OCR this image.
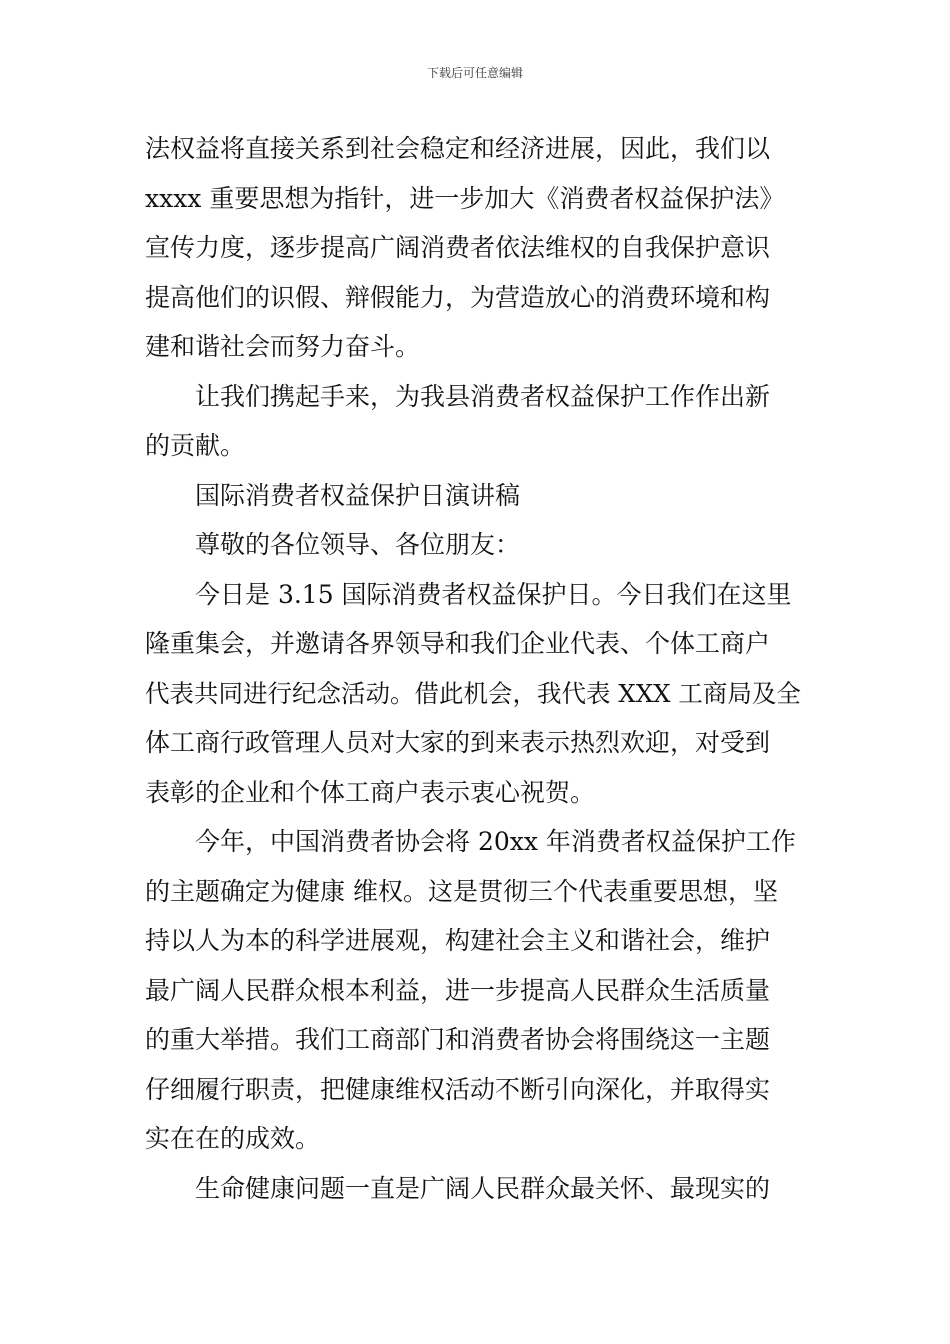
下载后可任意编辑
法权益将直接关系到社会稳定和经济进展，因此，我们以
xxxx 重要思想为指针，进一步加大《消费者权益保护法》
宣传力度，逐步提高广阔消费者依法维权的自我保护意识
提高他们的识假、辩假能力，为营造放心的消费环境和构
建和谐社会而努力奋斗。
让我们携起手来，为我县消费者权益保护工作作出新
的贡献。
国际消费者权益保护日演讲稿
尊敬的各位领导、各位朋友：
今日是 3.15 国际消费者权益保护日。今日我们在这里
隆重集会，并邀请各界领导和我们企业代表、个体工商户
代表共同进行纪念活动。借此机会，我代表 XXX 工商局及全
体工商行政管理人员对大家的到来表示热烈欢迎，对受到
表彰的企业和个体工商户表示衷心祝贺。
今年，中国消费者协会将 20xx 年消费者权益保护工作
的主题确定为健康 维权。这是贯彻三个代表重要思想，坚
持以人为本的科学进展观，构建社会主义和谐社会，维护
最广阔人民群众根本利益，进一步提高人民群众生活质量
的重大举措。我们工商部门和消费者协会将围绕这一主题
仔细履行职责，把健康维权活动不断引向深化，并取得实
实在在的成效。
生命健康问题一直是广阔人民群众最关怀、最现实的
